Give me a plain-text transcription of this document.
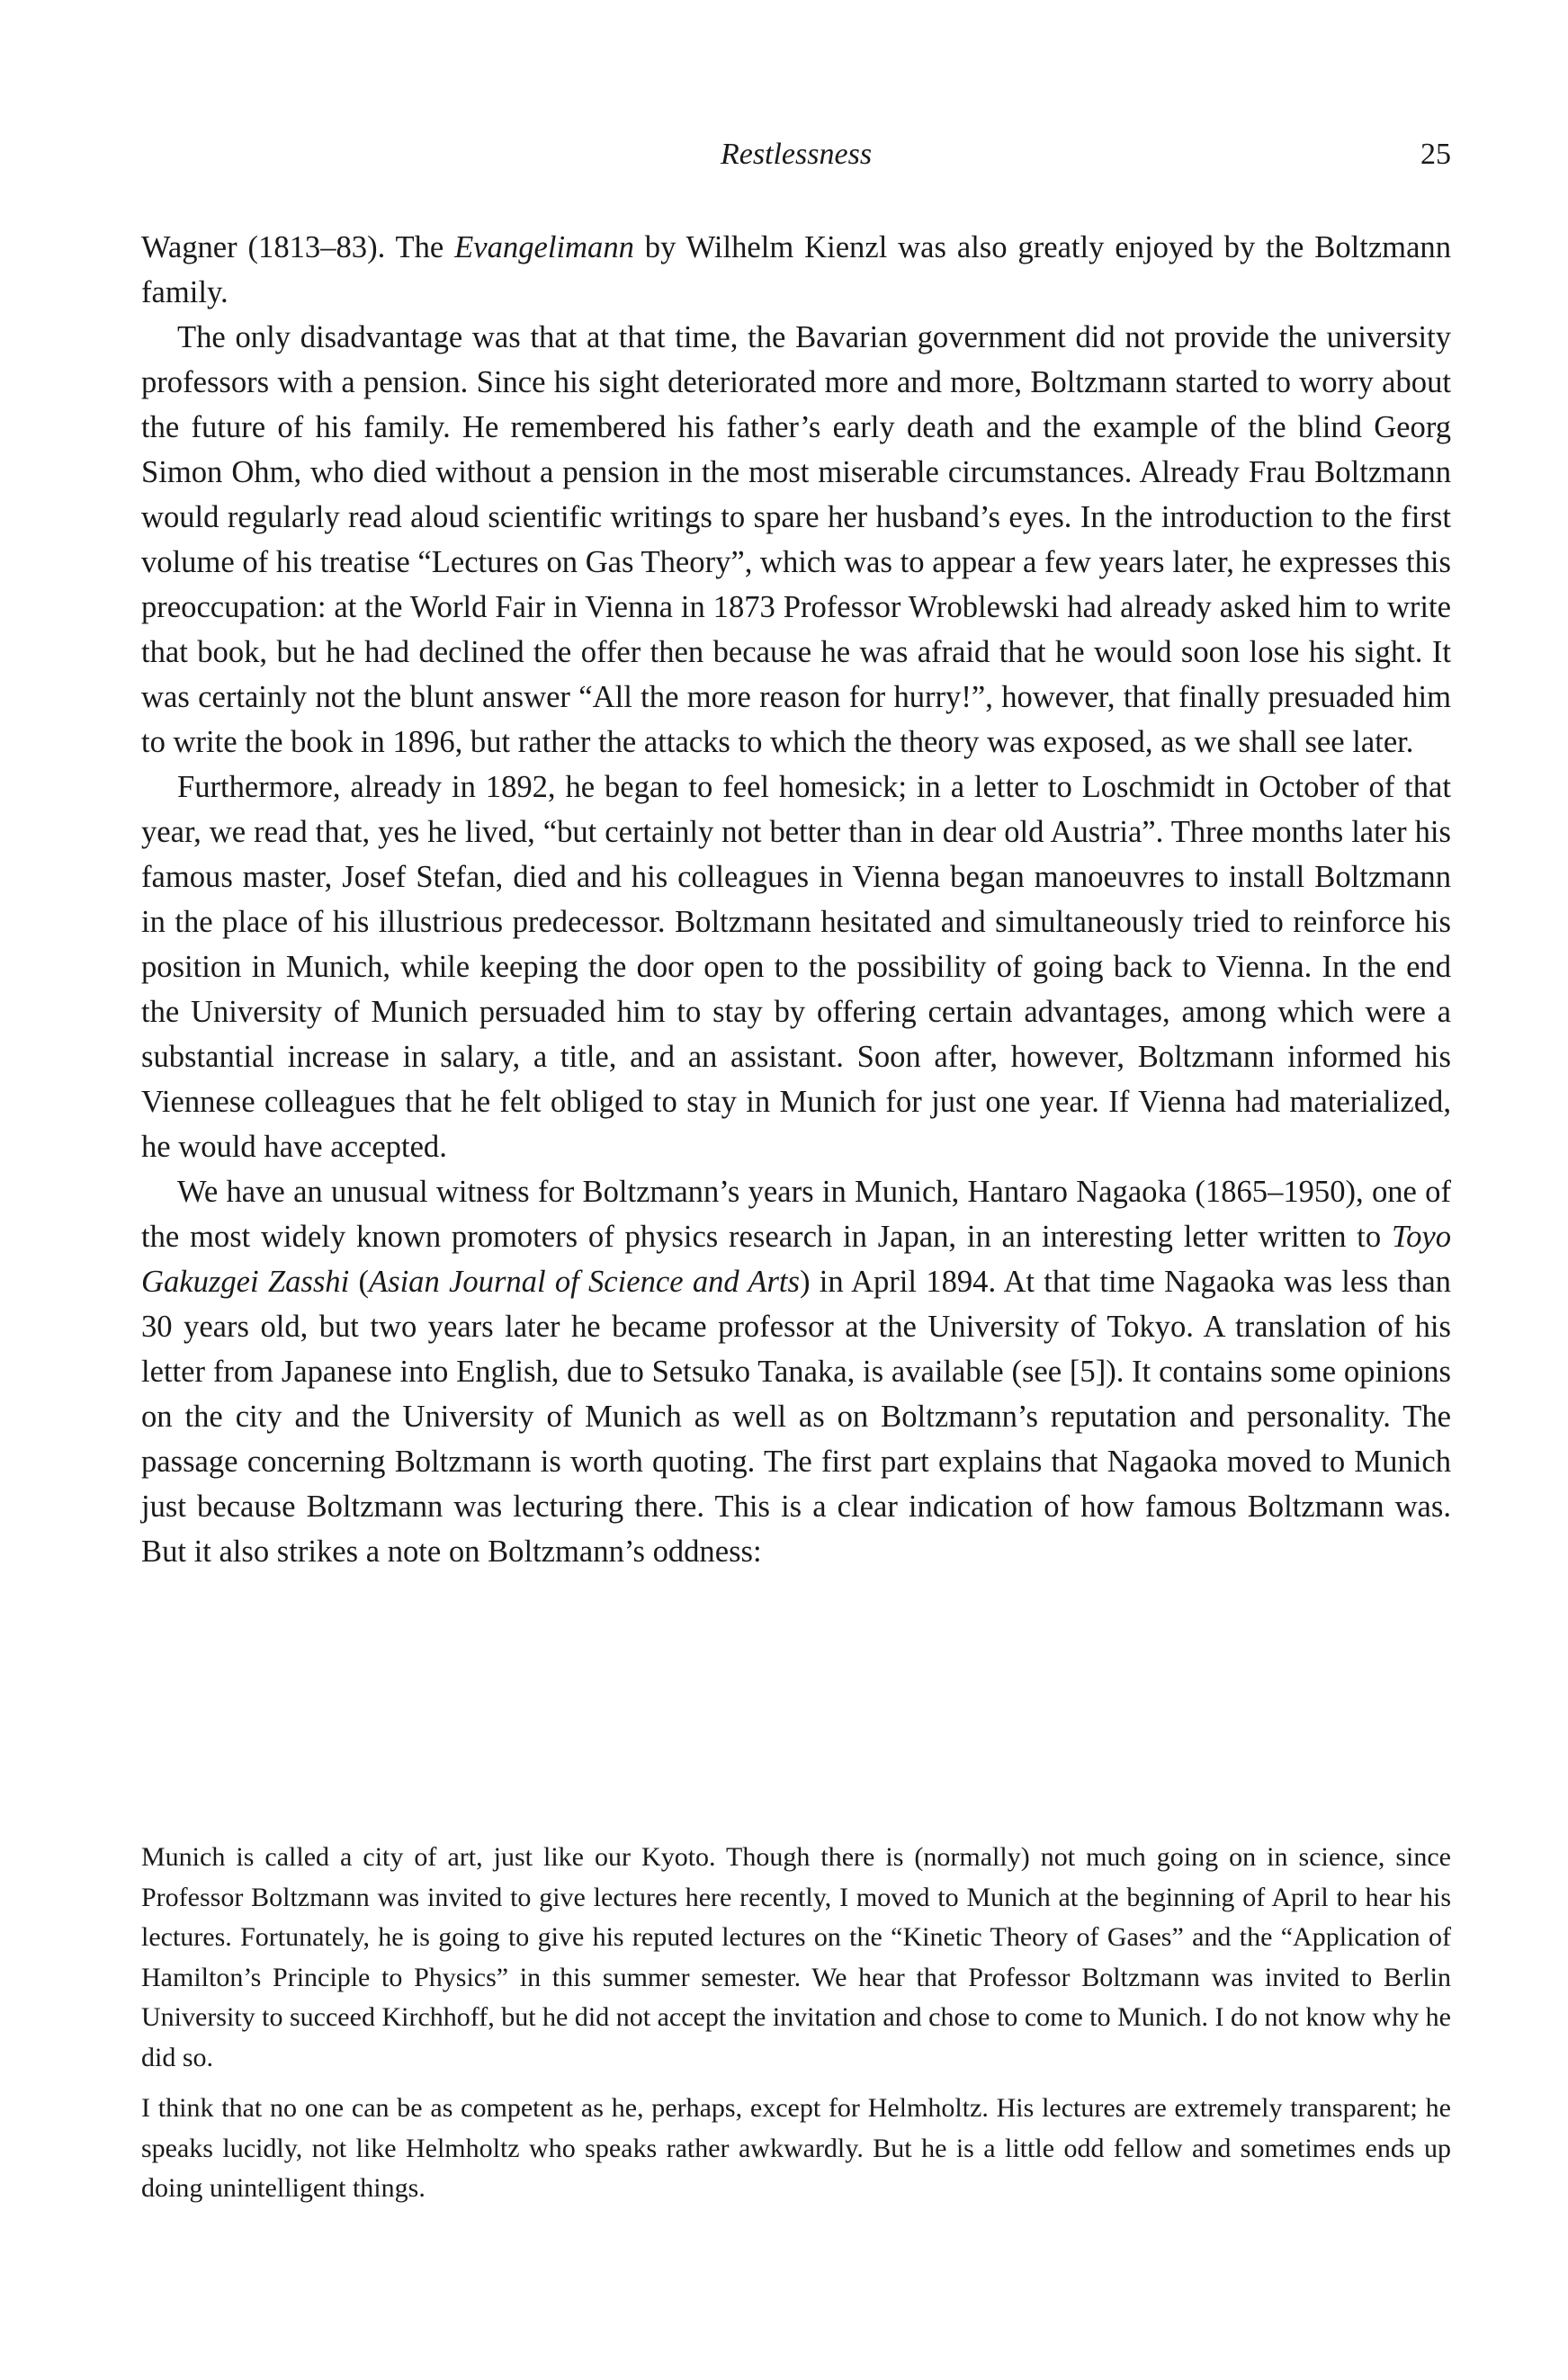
Restlessness	25

Wagner (1813–83). The Evangelimann by Wilhelm Kienzl was also greatly enjoyed by the Boltzmann family.

The only disadvantage was that at that time, the Bavarian government did not provide the university professors with a pension. Since his sight deteriorated more and more, Boltzmann started to worry about the future of his family. He remembered his father’s early death and the example of the blind Georg Simon Ohm, who died without a pension in the most miserable circumstances. Already Frau Boltzmann would regularly read aloud scientific writings to spare her husband’s eyes. In the introduction to the first volume of his treatise “Lectures on Gas Theory”, which was to appear a few years later, he expresses this preoccupation: at the World Fair in Vienna in 1873 Professor Wroblewski had already asked him to write that book, but he had declined the offer then because he was afraid that he would soon lose his sight. It was certainly not the blunt answer “All the more reason for hurry!”, however, that finally presuaded him to write the book in 1896, but rather the attacks to which the theory was exposed, as we shall see later.

Furthermore, already in 1892, he began to feel homesick; in a letter to Loschmidt in October of that year, we read that, yes he lived, “but certainly not better than in dear old Austria”. Three months later his famous master, Josef Stefan, died and his colleagues in Vienna began manoeuvres to install Boltzmann in the place of his illustrious predecessor. Boltzmann hesitated and simultaneously tried to reinforce his position in Munich, while keeping the door open to the possibility of going back to Vienna. In the end the University of Munich persuaded him to stay by offering certain advantages, among which were a substantial increase in salary, a title, and an assistant. Soon after, however, Boltzmann informed his Viennese colleagues that he felt obliged to stay in Munich for just one year. If Vienna had materialized, he would have accepted.

We have an unusual witness for Boltzmann’s years in Munich, Hantaro Nagaoka (1865–1950), one of the most widely known promoters of physics research in Japan, in an interesting letter written to Toyo Gakuzgei Zasshi (Asian Journal of Science and Arts) in April 1894. At that time Nagaoka was less than 30 years old, but two years later he became professor at the University of Tokyo. A translation of his letter from Japanese into English, due to Setsuko Tanaka, is available (see [5]). It contains some opinions on the city and the University of Munich as well as on Boltzmann’s reputation and personality. The passage concerning Boltzmann is worth quoting. The first part explains that Nagaoka moved to Munich just because Boltzmann was lecturing there. This is a clear indication of how famous Boltzmann was. But it also strikes a note on Boltzmann’s oddness:

Munich is called a city of art, just like our Kyoto. Though there is (normally) not much going on in science, since Professor Boltzmann was invited to give lectures here recently, I moved to Munich at the beginning of April to hear his lectures. Fortunately, he is going to give his reputed lectures on the “Kinetic Theory of Gases” and the “Application of Hamilton’s Principle to Physics” in this summer semester. We hear that Professor Boltzmann was invited to Berlin University to succeed Kirchhoff, but he did not accept the invitation and chose to come to Munich. I do not know why he did so.

I think that no one can be as competent as he, perhaps, except for Helmholtz. His lectures are extremely transparent; he speaks lucidly, not like Helmholtz who speaks rather awkwardly. But he is a little odd fellow and sometimes ends up doing unintelligent things.
